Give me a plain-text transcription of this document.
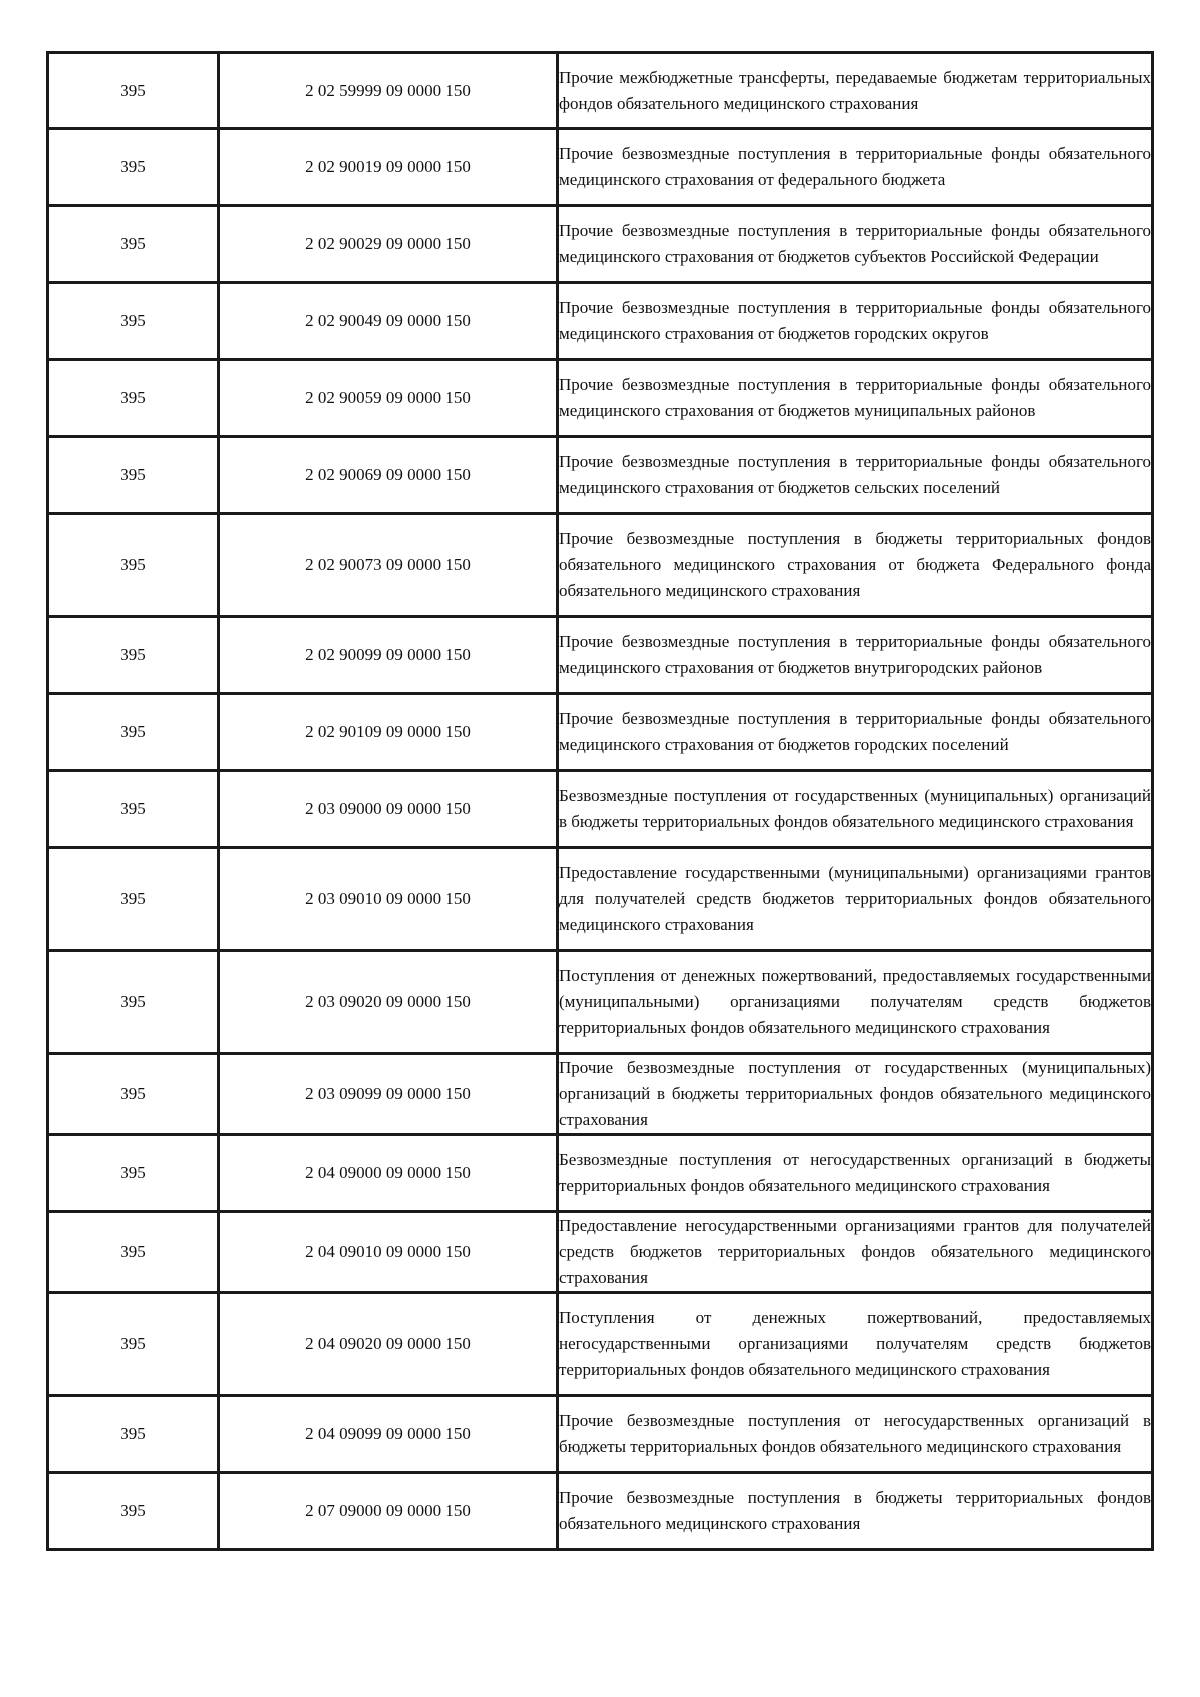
395	2 02 59999 09 0000 150	Прочие межбюджетные трансферты, передаваемые бюджетам территориальных фондов обязательного медицинского страхования

395	2 02 90019 09 0000 150	Прочие безвозмездные поступления в территориальные фонды обязательного медицинского страхования от федерального бюджета

395	2 02 90029 09 0000 150	Прочие безвозмездные поступления в территориальные фонды обязательного медицинского страхования от бюджетов субъектов Российской Федерации

395	2 02 90049 09 0000 150	Прочие безвозмездные поступления в территориальные фонды обязательного медицинского страхования от бюджетов городских округов

395	2 02 90059 09 0000 150	Прочие безвозмездные поступления в территориальные фонды обязательного медицинского страхования от бюджетов муниципальных районов

395	2 02 90069 09 0000 150	Прочие безвозмездные поступления в территориальные фонды обязательного медицинского страхования от бюджетов сельских поселений

395	2 02 90073 09 0000 150	Прочие безвозмездные поступления в бюджеты территориальных фондов обязательного медицинского страхования от бюджета Федерального фонда обязательного медицинского страхования

395	2 02 90099 09 0000 150	Прочие безвозмездные поступления в территориальные фонды обязательного медицинского страхования от бюджетов внутригородских районов

395	2 02 90109 09 0000 150	Прочие безвозмездные поступления в территориальные фонды обязательного медицинского страхования от бюджетов городских поселений

395	2 03 09000 09 0000 150	Безвозмездные поступления от государственных (муниципальных) организаций в бюджеты территориальных фондов обязательного медицинского страхования

395	2 03 09010 09 0000 150	Предоставление государственными (муниципальными) организациями грантов для получателей средств бюджетов территориальных фондов обязательного медицинского страхования

395	2 03 09020 09 0000 150	Поступления от денежных пожертвований, предоставляемых государственными (муниципальными) организациями получателям средств бюджетов территориальных фондов обязательного медицинского страхования

395	2 03 09099 09 0000 150	Прочие безвозмездные поступления от государственных (муниципальных) организаций в бюджеты территориальных фондов обязательного медицинского страхования

395	2 04 09000 09 0000 150	Безвозмездные поступления от негосударственных организаций в бюджеты территориальных фондов обязательного медицинского страхования

395	2 04 09010 09 0000 150	Предоставление негосударственными организациями грантов для получателей средств бюджетов территориальных фондов обязательного медицинского страхования

395	2 04 09020 09 0000 150	Поступления от денежных пожертвований, предоставляемых негосударственными организациями получателям средств бюджетов территориальных фондов обязательного медицинского страхования

395	2 04 09099 09 0000 150	Прочие безвозмездные поступления от негосударственных организаций в бюджеты территориальных фондов обязательного медицинского страхования

395	2 07 09000 09 0000 150	Прочие безвозмездные поступления в бюджеты территориальных фондов обязательного медицинского страхования
